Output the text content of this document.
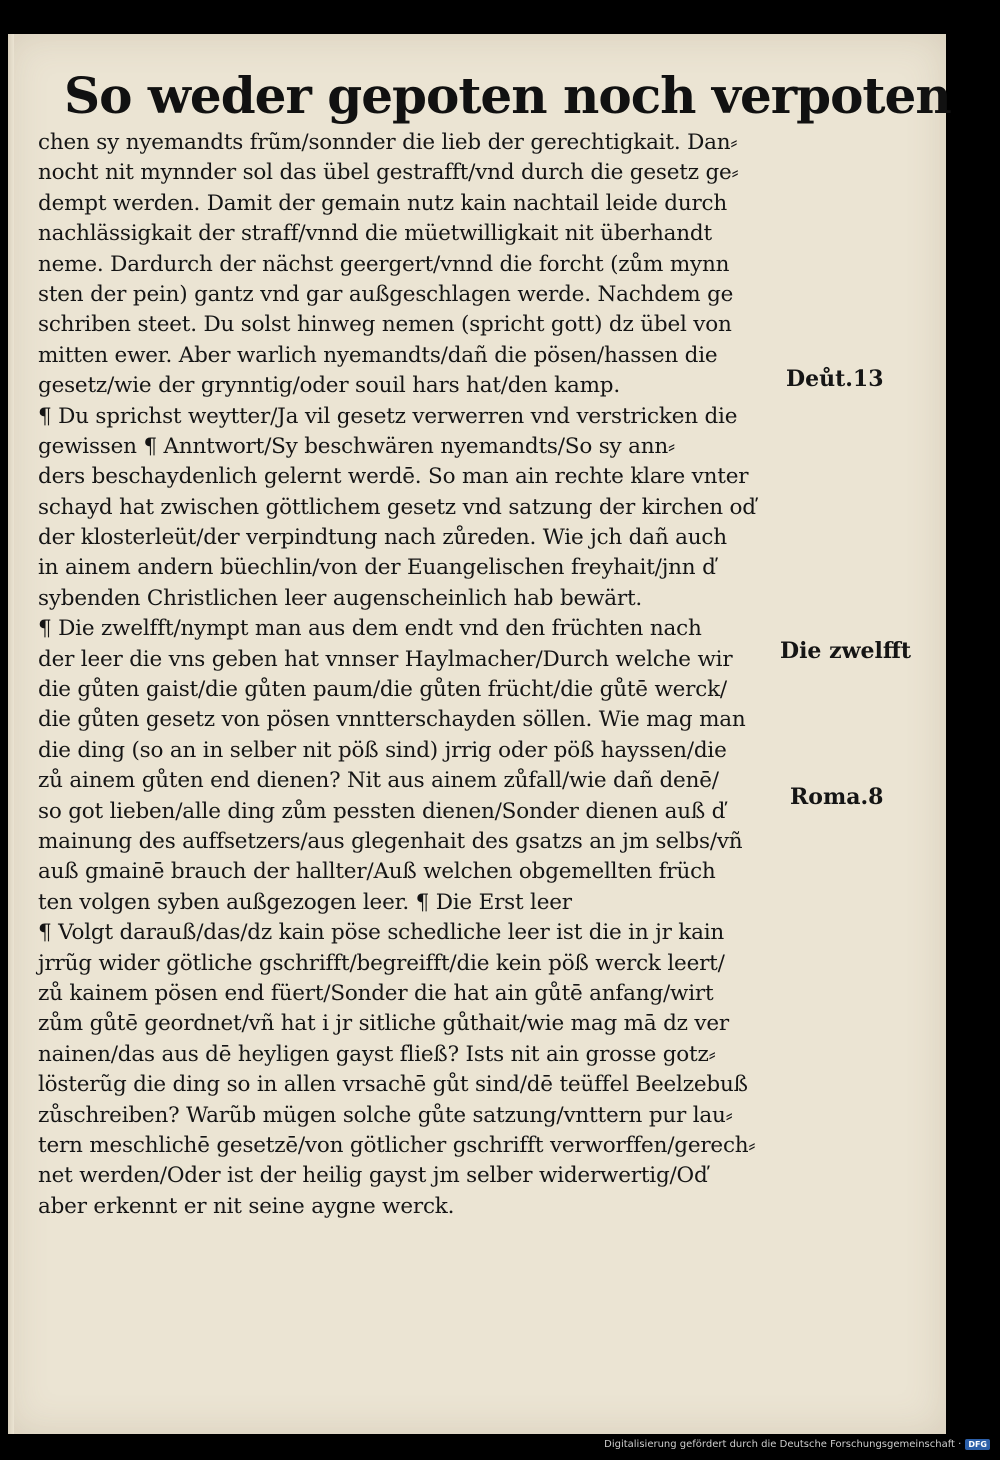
So weder gepoten noch verpoten
chen sy nyemandts frũm/sonnder die lieb der gerechtigkait. Dan⸗
nocht nit mynnder sol das übel gestrafft/vnd durch die gesetz ge⸗
dempt werden. Damit der gemain nutz kain nachtail leide durch
nachlässigkait der straff/vnnd die müetwilligkait nit überhandt
neme. Dardurch der nächst geergert/vnnd die forcht (zům mynn
sten der pein) gantz vnd gar außgeschlagen werde. Nachdem ge
schriben steet. Du solst hinweg nemen (spricht gott) dz übel von
mitten ewer. Aber warlich nyemandts/dañ die pösen/hassen die
gesetz/wie der grynntig/oder souil hars hat/den kamp.
¶ Du sprichst weytter/Ja vil gesetz verwerren vnd verstricken die
gewissen ¶ Anntwort/Sy beschwären nyemandts/So sy ann⸗
ders beschaydenlich gelernt werdē. So man ain rechte klare vnter
schayd hat zwischen göttlichem gesetz vnd satzung der kirchen oď
der klosterleüt/der verpindtung nach zůreden. Wie jch dañ auch
in ainem andern büechlin/von der Euangelischen freyhait/jnn ď
sybenden Christlichen leer augenscheinlich hab bewärt.
¶ Die zwelfft/nympt man aus dem endt vnd den früchten nach
der leer die vns geben hat vnnser Haylmacher/Durch welche wir
die gůten gaist/die gůten paum/die gůten frücht/die gůtē werck/
die gůten gesetz von pösen vnntterschayden söllen. Wie mag man
die ding (so an in selber nit pöß sind) jrrig oder pöß hayssen/die
zů ainem gůten end dienen? Nit aus ainem zůfall/wie dañ denē/
so got lieben/alle ding zům pessten dienen/Sonder dienen auß ď
mainung des auffsetzers/aus glegenhait des gsatzs an jm selbs/vñ
auß gmainē brauch der hallter/Auß welchen obgemellten früch
ten volgen syben außgezogen leer. ¶ Die Erst leer
¶ Volgt darauß/das/dz kain pöse schedliche leer ist die in jr kain
jrrũg wider götliche gschrifft/begreifft/die kein pöß werck leert/
zů kainem pösen end füert/Sonder die hat ain gůtē anfang/wirt
zům gůtē geordnet/vñ hat i jr sitliche gůthait/wie mag mā dz ver
nainen/das aus dē heyligen gayst fließ? Ists nit ain grosse gotz⸗
lösterũg die ding so in allen vrsachē gůt sind/dē teüffel Beelzebuß
zůschreiben? Warũb mügen solche gůte satzung/vnttern pur lau⸗
tern meschlichē gesetzē/von götlicher gschrifft verworffen/gerech⸗
net werden/Oder ist der heilig gayst jm selber widerwertig/Oď
aber erkennt er nit seine aygne werck.
Deůt.13
Die zwelfft
Roma.8
Digitalisierung gefördert durch die Deutsche Forschungsgemeinschaft · DFG
